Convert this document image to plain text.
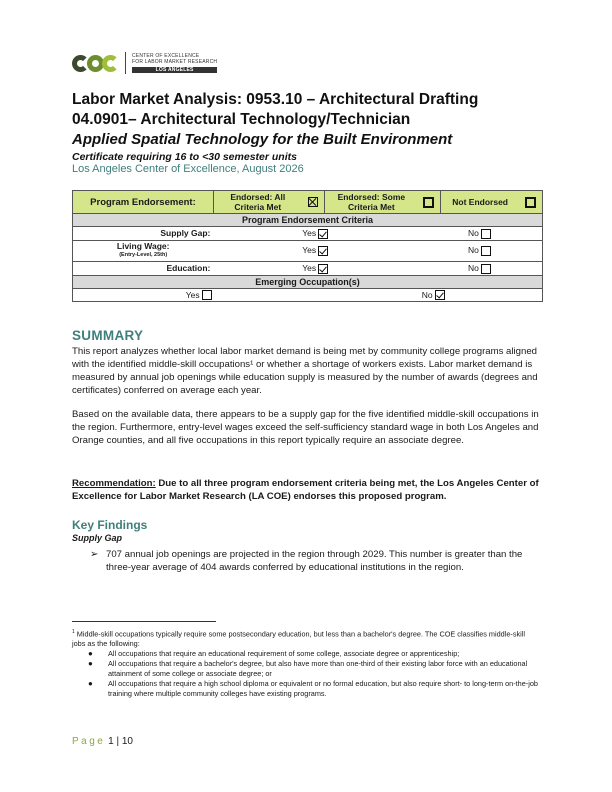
CENTER OF EXCELLENCE
FOR LABOR MARKET RESEARCH
LOS ANGELES
Labor Market Analysis: 0953.10 – Architectural Drafting
04.0901– Architectural Technology/Technician
Applied Spatial Technology for the Built Environment
Certificate requiring 16 to <30 semester units
Los Angeles Center of Excellence, August 2026
Program Endorsement:	Endorsed: All Criteria Met		Endorsed: Some Criteria Met		Not Endorsed	
Program Endorsement Criteria						
Supply Gap:	Yes			No		

Living Wage:
(Entry-Level, 25th)	Yes			No		
Education:	Yes			No		
Emerging Occupation(s)						
Yes			No			
SUMMARY
This report analyzes whether local labor market demand is being met by community college programs aligned with the identified middle-skill occupations¹ or whether a shortage of workers exists. Labor market demand is measured by annual job openings while education supply is measured by the number of awards (degrees and certificates) conferred on average each year.
Based on the available data, there appears to be a supply gap for the five identified middle-skill occupations in the region. Furthermore, entry-level wages exceed the self-sufficiency standard wage in both Los Angeles and Orange counties, and all five occupations in this report typically require an associate degree.
Recommendation: Due to all three program endorsement criteria being met, the Los Angeles Center of Excellence for Labor Market Research (LA COE) endorses this proposed program.
Key Findings
Supply Gap
➢ 707 annual job openings are projected in the region through 2029. This number is greater than the three-year average of 404 awards conferred by educational institutions in the region.
$^1$ Middle-skill occupations typically require some postsecondary education, but less than a bachelor's degree. The COE classifies middle-skill jobs as the following:
●	All occupations that require an educational requirement of some college, associate degree or apprenticeship;
●	All occupations that require a bachelor's degree, but also have more than one-third of their existing labor force with an educational attainment of some college or associate degree; or
●	All occupations that require a high school diploma or equivalent or no formal education, but also require short- to long-term on-the-job training where multiple community colleges have existing programs.
Page 1 | 10
